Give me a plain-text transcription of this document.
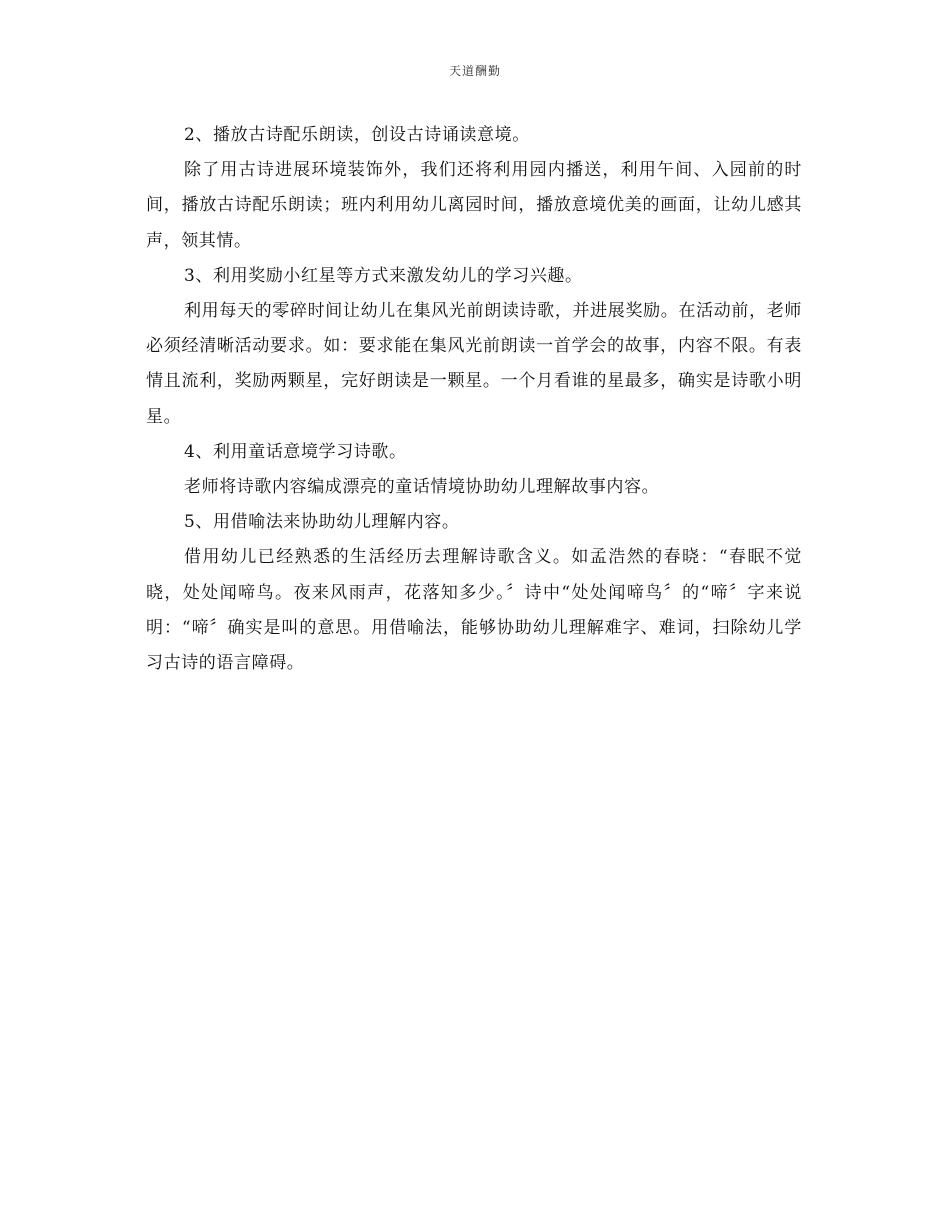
天道酬勤

2、播放古诗配乐朗读，创设古诗诵读意境。

除了用古诗进展环境装饰外，我们还将利用园内播送，利用午间、入园前的时间，播放古诗配乐朗读；班内利用幼儿离园时间，播放意境优美的画面，让幼儿感其声，领其情。

3、利用奖励小红星等方式来激发幼儿的学习兴趣。

利用每天的零碎时间让幼儿在集风光前朗读诗歌，并进展奖励。在活动前，老师必须经清晰活动要求。如：要求能在集风光前朗读一首学会的故事，内容不限。有表情且流利，奖励两颗星，完好朗读是一颗星。一个月看谁的星最多，确实是诗歌小明星。

4、利用童话意境学习诗歌。

老师将诗歌内容编成漂亮的童话情境协助幼儿理解故事内容。

5、用借喻法来协助幼儿理解内容。

借用幼儿已经熟悉的生活经历去理解诗歌含义。如孟浩然的春晓：“春眠不觉晓，处处闻啼鸟。夜来风雨声，花落知多少。〞诗中“处处闻啼鸟〞的“啼〞字来说明：“啼〞确实是叫的意思。用借喻法，能够协助幼儿理解难字、难词，扫除幼儿学习古诗的语言障碍。
